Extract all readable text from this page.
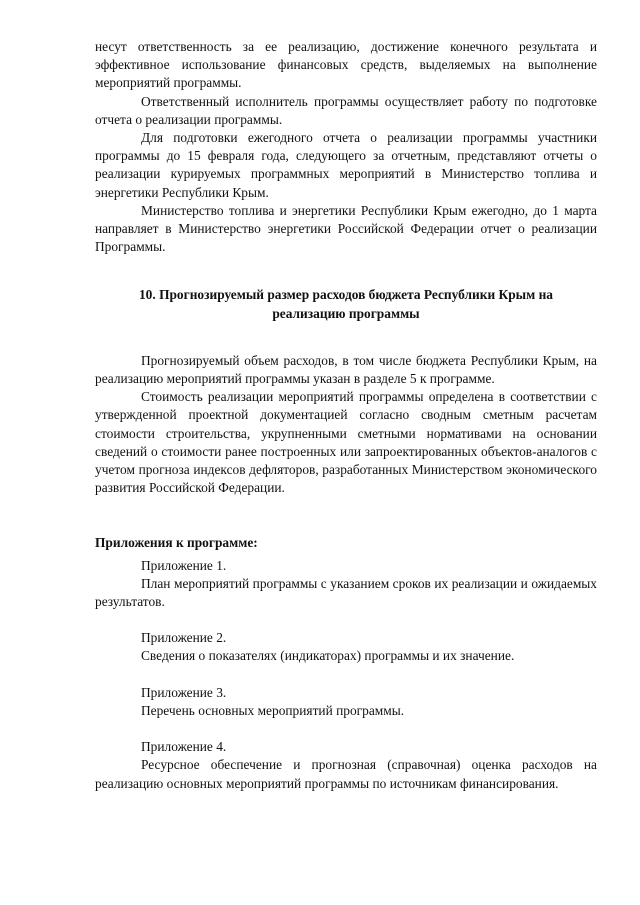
несут ответственность за ее реализацию, достижение конечного результата и эффективное использование финансовых средств, выделяемых на выполнение мероприятий программы.

Ответственный исполнитель программы осуществляет работу по подготовке отчета о реализации программы.

Для подготовки ежегодного отчета о реализации программы участники программы до 15 февраля года, следующего за отчетным, представляют отчеты о реализации курируемых программных мероприятий в Министерство топлива и энергетики Республики Крым.

Министерство топлива и энергетики Республики Крым ежегодно, до 1 марта направляет в Министерство энергетики Российской Федерации отчет о реализации Программы.

10. Прогнозируемый размер расходов бюджета Республики Крым на реализацию программы

Прогнозируемый объем расходов, в том числе бюджета Республики Крым, на реализацию мероприятий программы указан в разделе 5 к программе.

Стоимость реализации мероприятий программы определена в соответствии с утвержденной проектной документацией согласно сводным сметным расчетам стоимости строительства, укрупненными сметными нормативами на основании сведений о стоимости ранее построенных или запроектированных объектов-аналогов с учетом прогноза индексов дефляторов, разработанных Министерством экономического развития Российской Федерации.

Приложения к программе:

Приложение 1.

План мероприятий программы с указанием сроков их реализации и ожидаемых результатов.

Приложение 2.

Сведения о показателях (индикаторах) программы и их значение.

Приложение 3.

Перечень основных мероприятий программы.

Приложение 4.

Ресурсное обеспечение и прогнозная (справочная) оценка расходов на реализацию основных мероприятий программы по источникам финансирования.
